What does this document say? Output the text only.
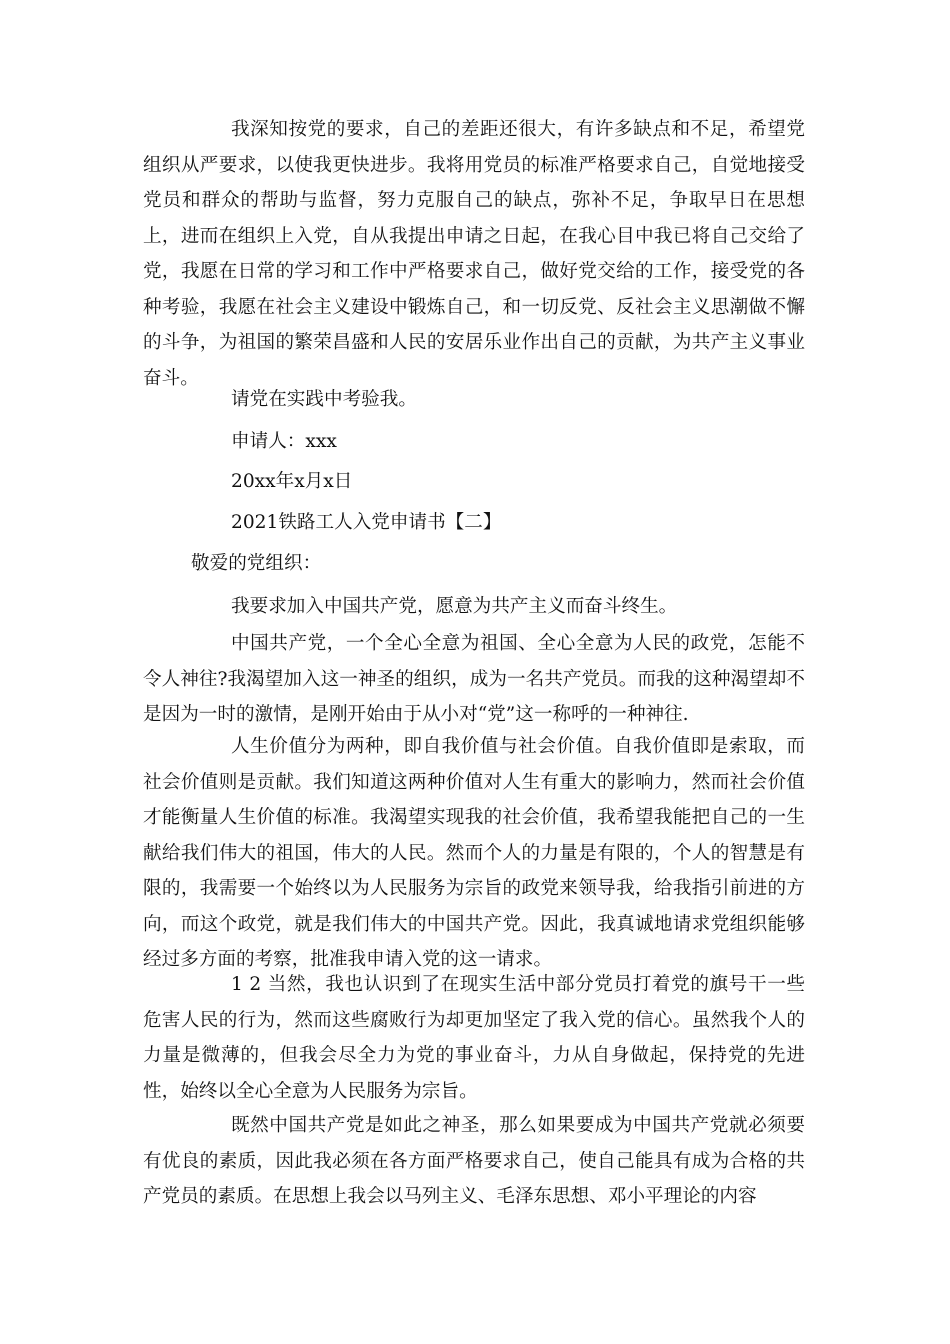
我深知按党的要求，自己的差距还很大，有许多缺点和不足，希望党组织从严要求，以使我更快进步。我将用党员的标准严格要求自己，自觉地接受党员和群众的帮助与监督，努力克服自己的缺点，弥补不足，争取早日在思想上，进而在组织上入党，自从我提出申请之日起，在我心目中我已将自己交给了党，我愿在日常的学习和工作中严格要求自己，做好党交给的工作，接受党的各种考验，我愿在社会主义建设中锻炼自己，和一切反党、反社会主义思潮做不懈的斗争，为祖国的繁荣昌盛和人民的安居乐业作出自己的贡献，为共产主义事业奋斗。

请党在实践中考验我。

申请人：xxx

20xx年x月x日

2021铁路工人入党申请书【二】

敬爱的党组织：

我要求加入中国共产党，愿意为共产主义而奋斗终生。

中国共产党，一个全心全意为祖国、全心全意为人民的政党，怎能不令人神往?我渴望加入这一神圣的组织，成为一名共产党员。而我的这种渴望却不是因为一时的激情，是刚开始由于从小对“党”这一称呼的一种神往.

人生价值分为两种，即自我价值与社会价值。自我价值即是索取，而社会价值则是贡献。我们知道这两种价值对人生有重大的影响力，然而社会价值才能衡量人生价值的标准。我渴望实现我的社会价值，我希望我能把自己的一生献给我们伟大的祖国，伟大的人民。然而个人的力量是有限的，个人的智慧是有限的，我需要一个始终以为人民服务为宗旨的政党来领导我，给我指引前进的方向，而这个政党，就是我们伟大的中国共产党。因此，我真诚地请求党组织能够经过多方面的考察，批准我申请入党的这一请求。

1 2 当然，我也认识到了在现实生活中部分党员打着党的旗号干一些危害人民的行为，然而这些腐败行为却更加坚定了我入党的信心。虽然我个人的力量是微薄的，但我会尽全力为党的事业奋斗，力从自身做起，保持党的先进性，始终以全心全意为人民服务为宗旨。

既然中国共产党是如此之神圣，那么如果要成为中国共产党就必须要有优良的素质，因此我必须在各方面严格要求自己，使自己能具有成为合格的共产党员的素质。在思想上我会以马列主义、毛泽东思想、邓小平理论的内容
